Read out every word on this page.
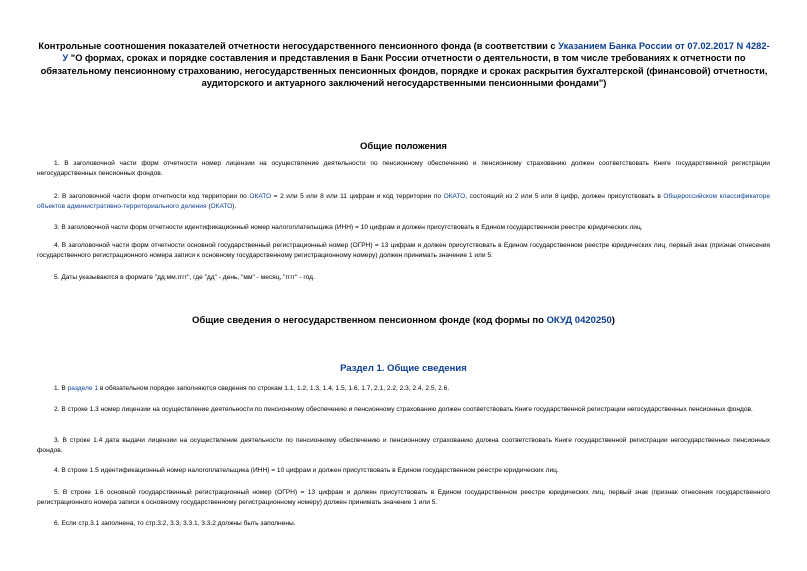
Контрольные соотношения показателей отчетности негосударственного пенсионного фонда (в соответствии с Указанием Банка России от 07.02.2017 N 4282-У "О формах, сроках и порядке составления и представления в Банк России отчетности о деятельности, в том числе требованиях к отчетности по обязательному пенсионному страхованию, негосударственных пенсионных фондов, порядке и сроках раскрытия бухгалтерской (финансовой) отчетности, аудиторского и актуарного заключений негосударственными пенсионными фондами")
Общие положения
1. В заголовочной части форм отчетности номер лицензии на осуществление деятельности по пенсионному обеспечению и пенсионному страхованию должен соответствовать Книге государственной регистрации негосударственных пенсионных фондов.
2. В заголовочной части форм отчетности код территории по ОКАТО = 2 или 5 или 8 или 11 цифрам и код территории по ОКАТО, состоящий из 2 или 5 или 8 цифр, должен присутствовать в Общероссийском классификаторе объектов административно-территориального деления (ОКАТО).
3. В заголовочной части форм отчетности идентификационный номер налогоплательщика (ИНН) = 10 цифрам и должен присутствовать в Едином государственном реестре юридических лиц.
4. В заголовочной части форм отчетности основной государственный регистрационный номер (ОГРН) = 13 цифрам и должен присутствовать в Едином государственном реестре юридических лиц, первый знак (признак отнесения государственного регистрационного номера записи к основному государственному регистрационному номеру) должен принимать значение 1 или 5.
5. Даты указываются в формате "дд.мм.гггг", где "дд" - день, "мм" - месяц, "гггг" - год.
Общие сведения о негосударственном пенсионном фонде (код формы по ОКУД 0420250)
Раздел 1. Общие сведения
1. В разделе 1 в обязательном порядке заполняются сведения по строкам 1.1, 1.2, 1.3, 1.4, 1.5, 1.6, 1.7, 2.1, 2.2, 2.3, 2.4, 2.5, 2.6.
2. В строке 1.3 номер лицензии на осуществление деятельности по пенсионному обеспечению и пенсионному страхованию должен соответствовать Книге государственной регистрации негосударственных пенсионных фондов.
3. В строке 1.4 дата выдачи лицензии на осуществление деятельности по пенсионному обеспечению и пенсионному страхованию должна соответствовать Книге государственной регистрации негосударственных пенсионных фондов.
4. В строке 1.5 идентификационный номер налогоплательщика (ИНН) = 10 цифрам и должен присутствовать в Едином государственном реестре юридических лиц.
5. В строке 1.6 основной государственный регистрационный номер (ОГРН) = 13 цифрам и должен присутствовать в Едином государственном реестре юридических лиц, первый знак (признак отнесения государственного регистрационного номера записи к основному государственному регистрационному номеру) должен принимать значение 1 или 5.
6. Если стр.3.1 заполнена, то стр.3.2, 3.3, 3.3.1, 3.3.2 должны быть заполнены.
